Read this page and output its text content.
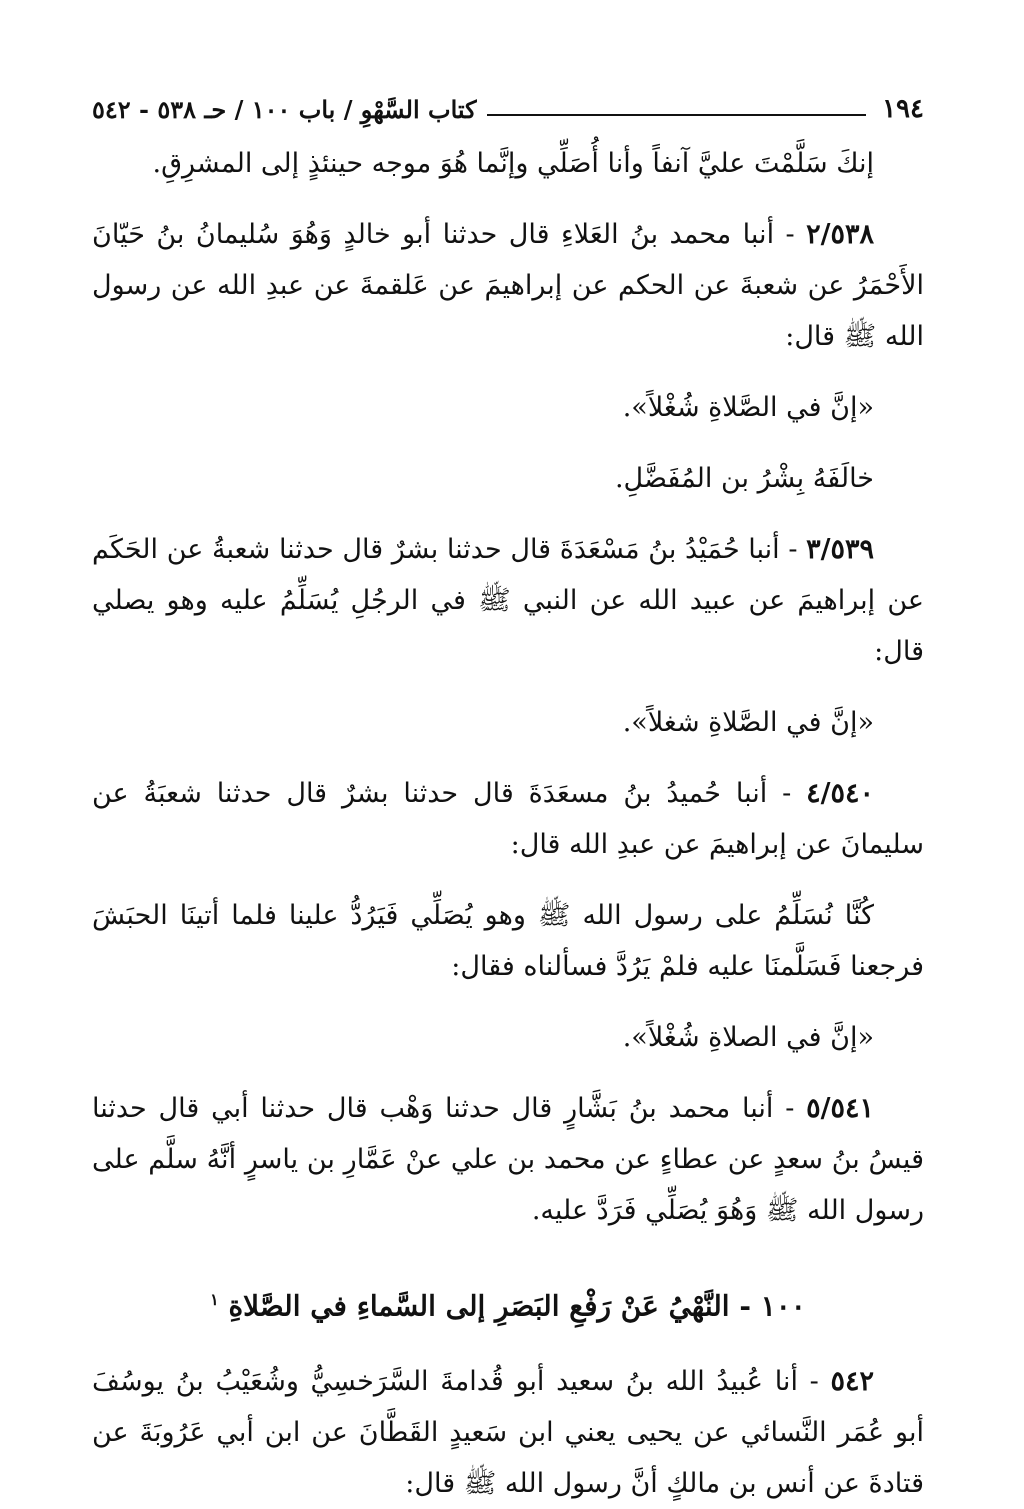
١٩٤
كتاب السَّهْوِ / باب ١٠٠ / حـ ٥٣٨ - ٥٤٢

إنكَ سَلَّمْتَ عليَّ آنفاً وأنا أُصَلِّي وإنَّما هُوَ موجه حينئذٍ إلى المشرِقِ.

٢/٥٣٨ - أنبا محمد بنُ العَلاءِ قال حدثنا أبو خالدٍ وَهُوَ سُليمانُ بنُ حَيّانَ الأَحْمَرُ عن شعبةَ عن الحكم عن إبراهيمَ عن عَلقمةَ عن عبدِ الله عن رسول الله ﷺ قال:

«إنَّ في الصَّلاةِ شُغْلاً».

خالَفَهُ بِشْرُ بن المُفَضَّلِ.

٣/٥٣٩ - أنبا حُمَيْدُ بنُ مَسْعَدَةَ قال حدثنا بشرٌ قال حدثنا شعبةُ عن الحَكَم عن إبراهيمَ عن عبيد الله عن النبي ﷺ في الرجُلِ يُسَلِّمُ عليه وهو يصلي قال:

«إنَّ في الصَّلاةِ شغلاً».

٤/٥٤٠ - أنبا حُميدُ بنُ مسعَدَةَ قال حدثنا بشرٌ قال حدثنا شعبَةُ عن سليمانَ عن إبراهيمَ عن عبدِ الله قال:

كُنَّا نُسَلِّمُ على رسول الله ﷺ وهو يُصَلِّي فَيَرُدُّ علينا فلما أتينَا الحبَشَ فرجعنا فَسَلَّمنَا عليه فلمْ يَرُدَّ فسألناه فقال:

«إنَّ في الصلاةِ شُغْلاً».

٥/٥٤١ - أنبا محمد بنُ بَشَّارٍ قال حدثنا وَهْب قال حدثنا أبي قال حدثنا قيسُ بنُ سعدٍ عن عطاءٍ عن محمد بن علي عنْ عَمَّارِ بن ياسرٍ أنَّهُ سلَّم على رسول الله ﷺ وَهُوَ يُصَلِّي فَرَدَّ عليه.

١٠٠ - النَّهْيُ عَنْ رَفْعِ البَصَرِ إلى السَّماءِ في الصَّلاةِ $^١$

٥٤٢ - أنا عُبيدُ الله بنُ سعيد أبو قُدامةَ السَّرَخسِيُّ وشُعَيْبُ بنُ يوسُفَ أبو عُمَر النَّسائي عن يحيى يعني ابن سَعيدٍ القَطَّانَ عن ابن أبي عَرُوبَةَ عن قتادةَ عن أنس بن مالكٍ أنَّ رسول الله ﷺ قال:
